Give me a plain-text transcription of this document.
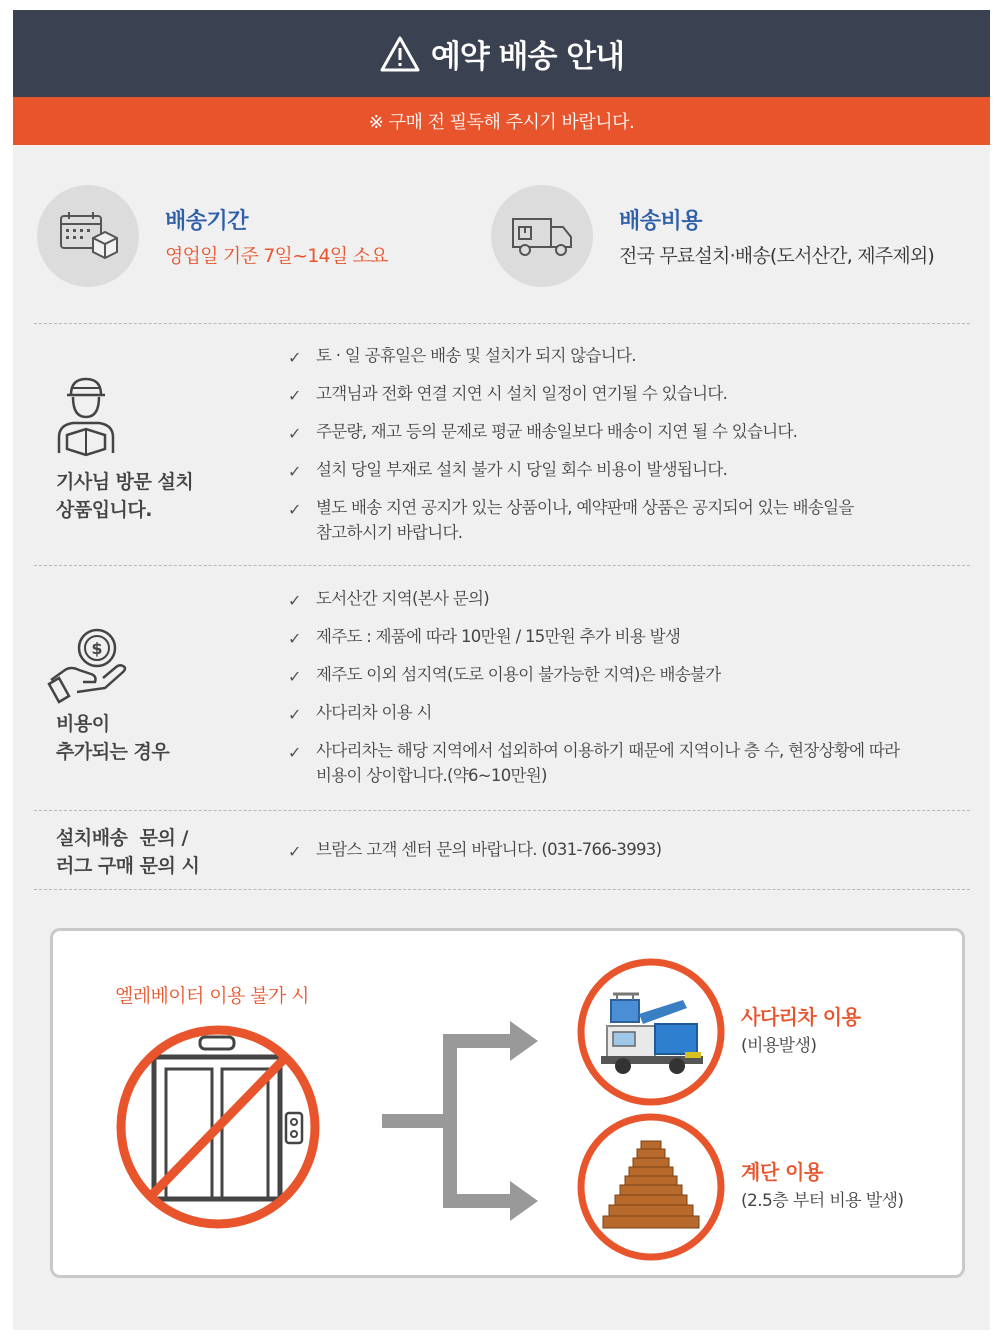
예약 배송 안내
※ 구매 전 필독해 주시기 바랍니다.
배송기간
영업일 기준 7일~14일 소요
배송비용
전국 무료설치·배송(도서산간, 제주제외)
기사님 방문 설치
상품입니다.
✓ 토 · 일 공휴일은 배송 및 설치가 되지 않습니다.
✓ 고객님과 전화 연결 지연 시 설치 일정이 연기될 수 있습니다.
✓ 주문량, 재고 등의 문제로 평균 배송일보다 배송이 지연 될 수 있습니다.
✓ 설치 당일 부재로 설치 불가 시 당일 회수 비용이 발생됩니다.
✓ 별도 배송 지연 공지가 있는 상품이나, 예약판매 상품은 공지되어 있는 배송일을
참고하시기 바랍니다.
$
비용이
추가되는 경우
✓ 도서산간 지역(본사 문의)
✓ 제주도 : 제품에 따라 10만원 / 15만원 추가 비용 발생
✓ 제주도 이외 섬지역(도로 이용이 불가능한 지역)은 배송불가
✓ 사다리차 이용 시
✓ 사다리차는 해당 지역에서 섭외하여 이용하기 때문에 지역이나 층 수, 현장상황에 따라
비용이 상이합니다.(약6~10만원)
설치배송  문의 /
러그 구매 문의 시
✓ 브람스 고객 센터 문의 바랍니다. (031-766-3993)
엘레베이터 이용 불가 시
사다리차 이용
(비용발생)
계단 이용
(2.5층 부터 비용 발생)
